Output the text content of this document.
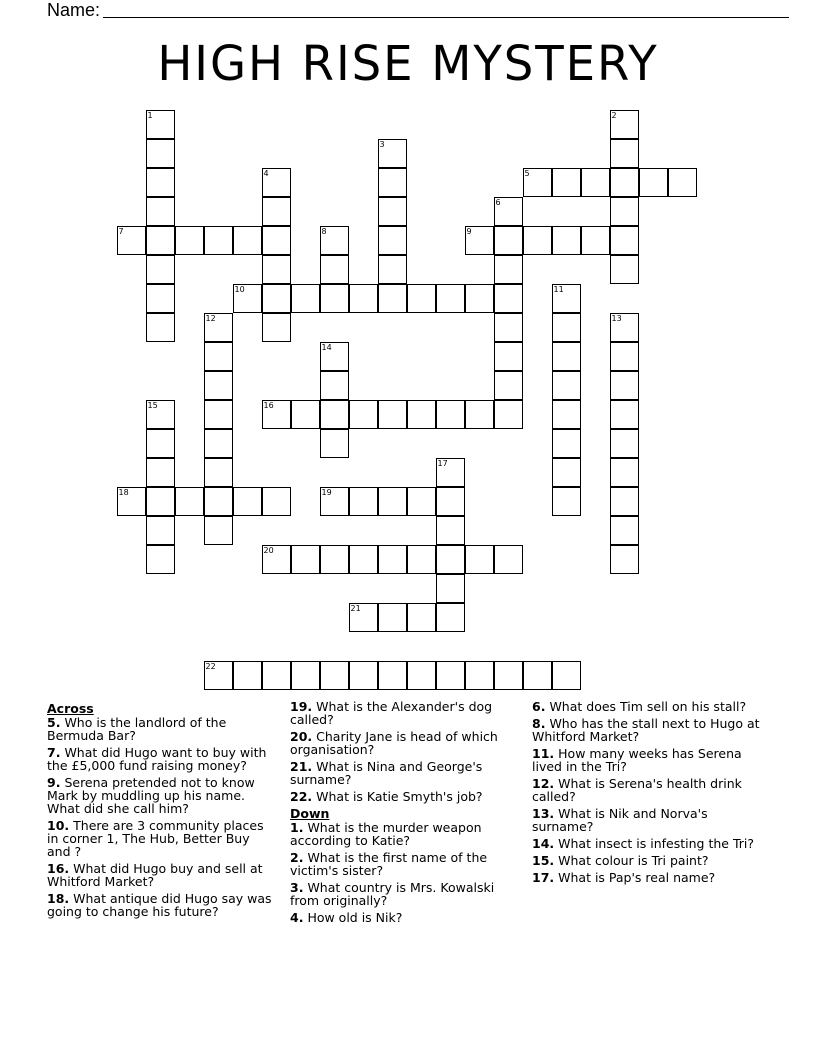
Name:
HIGH RISE MYSTERY
1	2
3
4	5
6
7	8	9
10	11
12	13
14
15	16
17
18	19
20
21
22
Across
5. Who is the landlord of the Bermuda Bar?
7. What did Hugo want to buy with the £5,000 fund raising money?
9. Serena pretended not to know Mark by muddling up his name. What did she call him?
10. There are 3 community places in corner 1, The Hub, Better Buy and ?
16. What did Hugo buy and sell at Whitford Market?
18. What antique did Hugo say was going to change his future?
19. What is the Alexander's dog called?
20. Charity Jane is head of which organisation?
21. What is Nina and George's surname?
22. What is Katie Smyth's job?
Down
1. What is the murder weapon according to Katie?
2. What is the first name of the victim's sister?
3. What country is Mrs. Kowalski from originally?
4. How old is Nik?
6. What does Tim sell on his stall?
8. Who has the stall next to Hugo at Whitford Market?
11. How many weeks has Serena lived in the Tri?
12. What is Serena's health drink called?
13. What is Nik and Norva's surname?
14. What insect is infesting the Tri?
15. What colour is Tri paint?
17. What is Pap's real name?
